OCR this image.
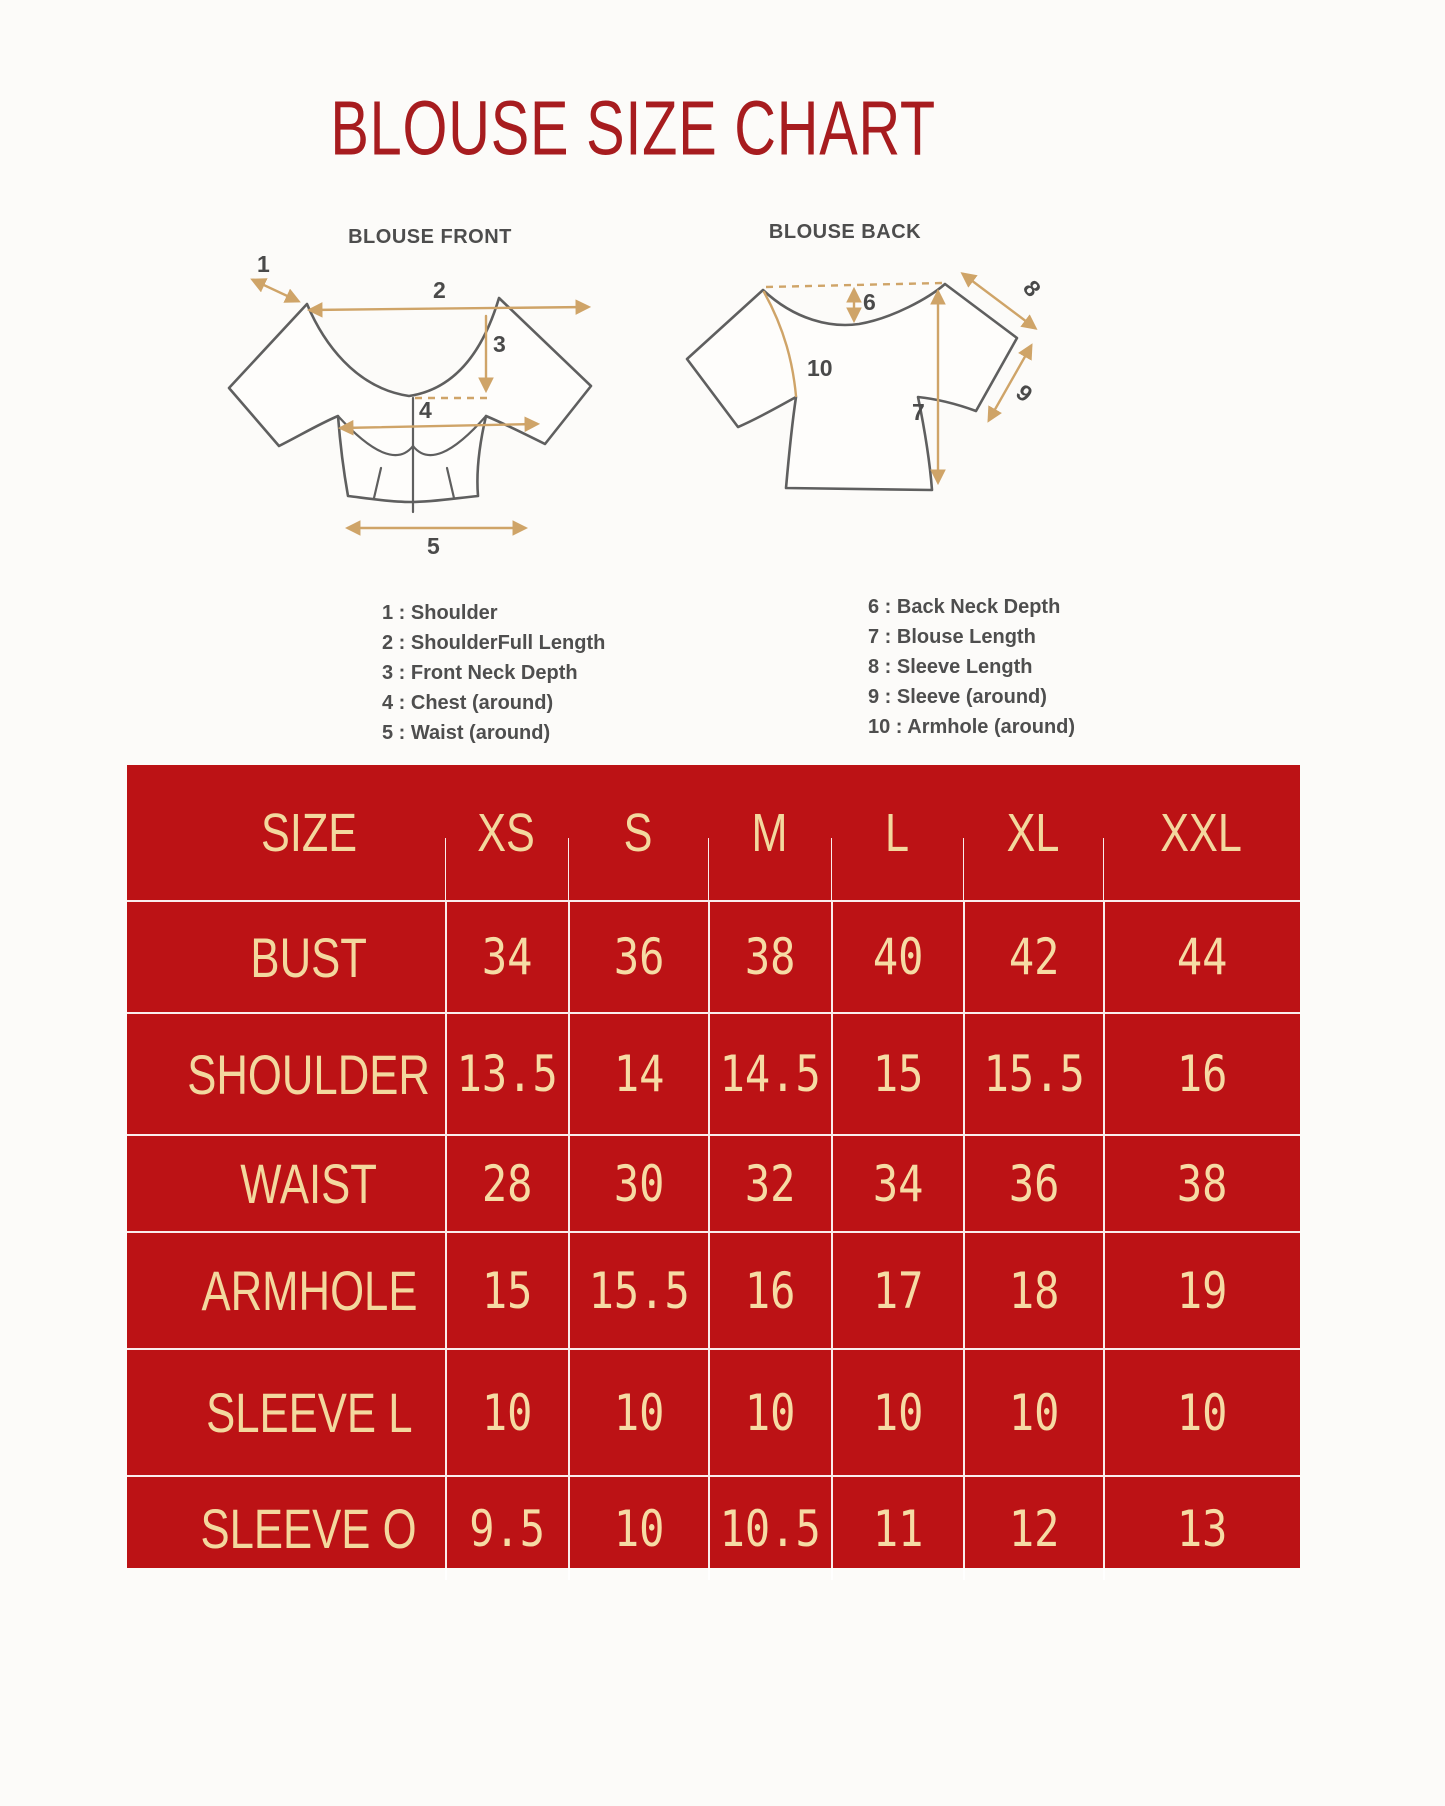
BLOUSE SIZE CHART
BLOUSE FRONT
1
2
3
4
5
1 : Shoulder
2 : ShoulderFull Length
3 : Front Neck Depth
4 : Chest (around)
5 : Waist (around)
BLOUSE BACK
6
7
8
9
10
6 : Back Neck Depth
7 : Blouse Length
8 : Sleeve Length
9 : Sleeve (around)
10 : Armhole (around)
SIZE XS S M L XL XXL
BUST 34 36 38 40 42 44
SHOULDER 13.5 14 14.5 15 15.5 16
WAIST 28 30 32 34 36 38
ARMHOLE 15 15.5 16 17 18 19
SLEEVE L 10 10 10 10 10 10
SLEEVE O 9.5 10 10.5 11 12 13
